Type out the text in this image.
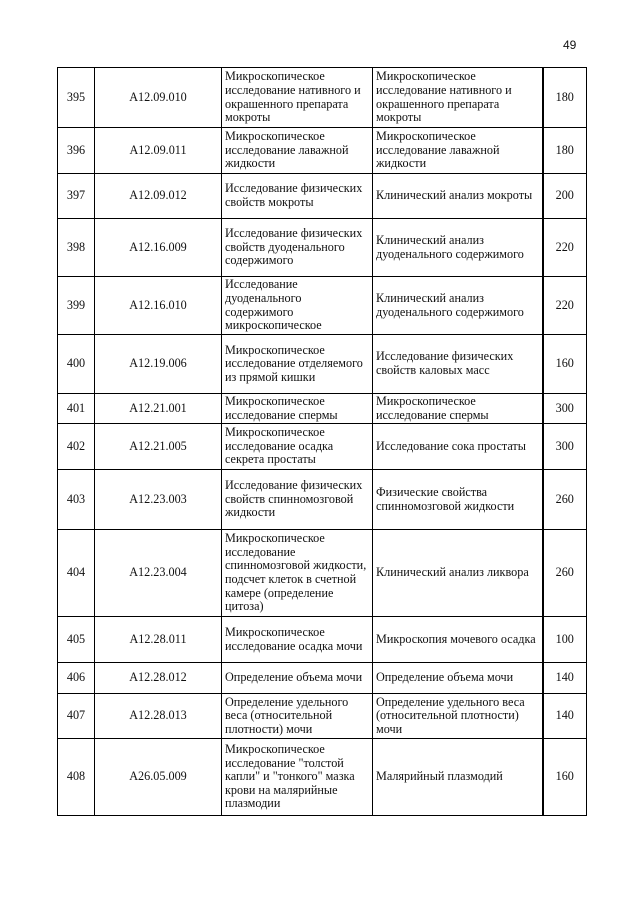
49
395	A12.09.010	Микроскопическое исследование нативного и окрашенного препарата мокроты	Микроскопическое исследование нативного и окрашенного препарата мокроты	180
396	A12.09.011	Микроскопическое исследование лаважной жидкости	Микроскопическое исследование лаважной жидкости	180
397	A12.09.012	Исследование физических свойств мокроты	Клинический анализ мокроты	200
398	A12.16.009	Исследование физических свойств дуоденального содержимого	Клинический анализ дуоденального содержимого	220
399	A12.16.010	Исследование дуоденального содержимого микроскопическое	Клинический анализ дуоденального содержимого	220
400	A12.19.006	Микроскопическое исследование отделяемого из прямой кишки	Исследование физических свойств каловых масс	160
401	A12.21.001	Микроскопическое исследование спермы	Микроскопическое исследование спермы	300
402	A12.21.005	Микроскопическое исследование осадка секрета простаты	Исследование сока простаты	300
403	A12.23.003	Исследование физических свойств спинномозговой жидкости	Физические свойства спинномозговой жидкости	260
404	A12.23.004	Микроскопическое исследование спинномозговой жидкости, подсчет клеток в счетной камере (определение цитоза)	Клинический анализ ликвора	260
405	A12.28.011	Микроскопическое исследование осадка мочи	Микроскопия мочевого осадка	100
406	A12.28.012	Определение объема мочи	Определение объема мочи	140
407	A12.28.013	Определение удельного веса (относительной плотности) мочи	Определение удельного веса (относительной плотности) мочи	140
408	A26.05.009	Микроскопическое исследование "толстой капли" и "тонкого" мазка крови на малярийные плазмодии	Малярийный плазмодий	160
